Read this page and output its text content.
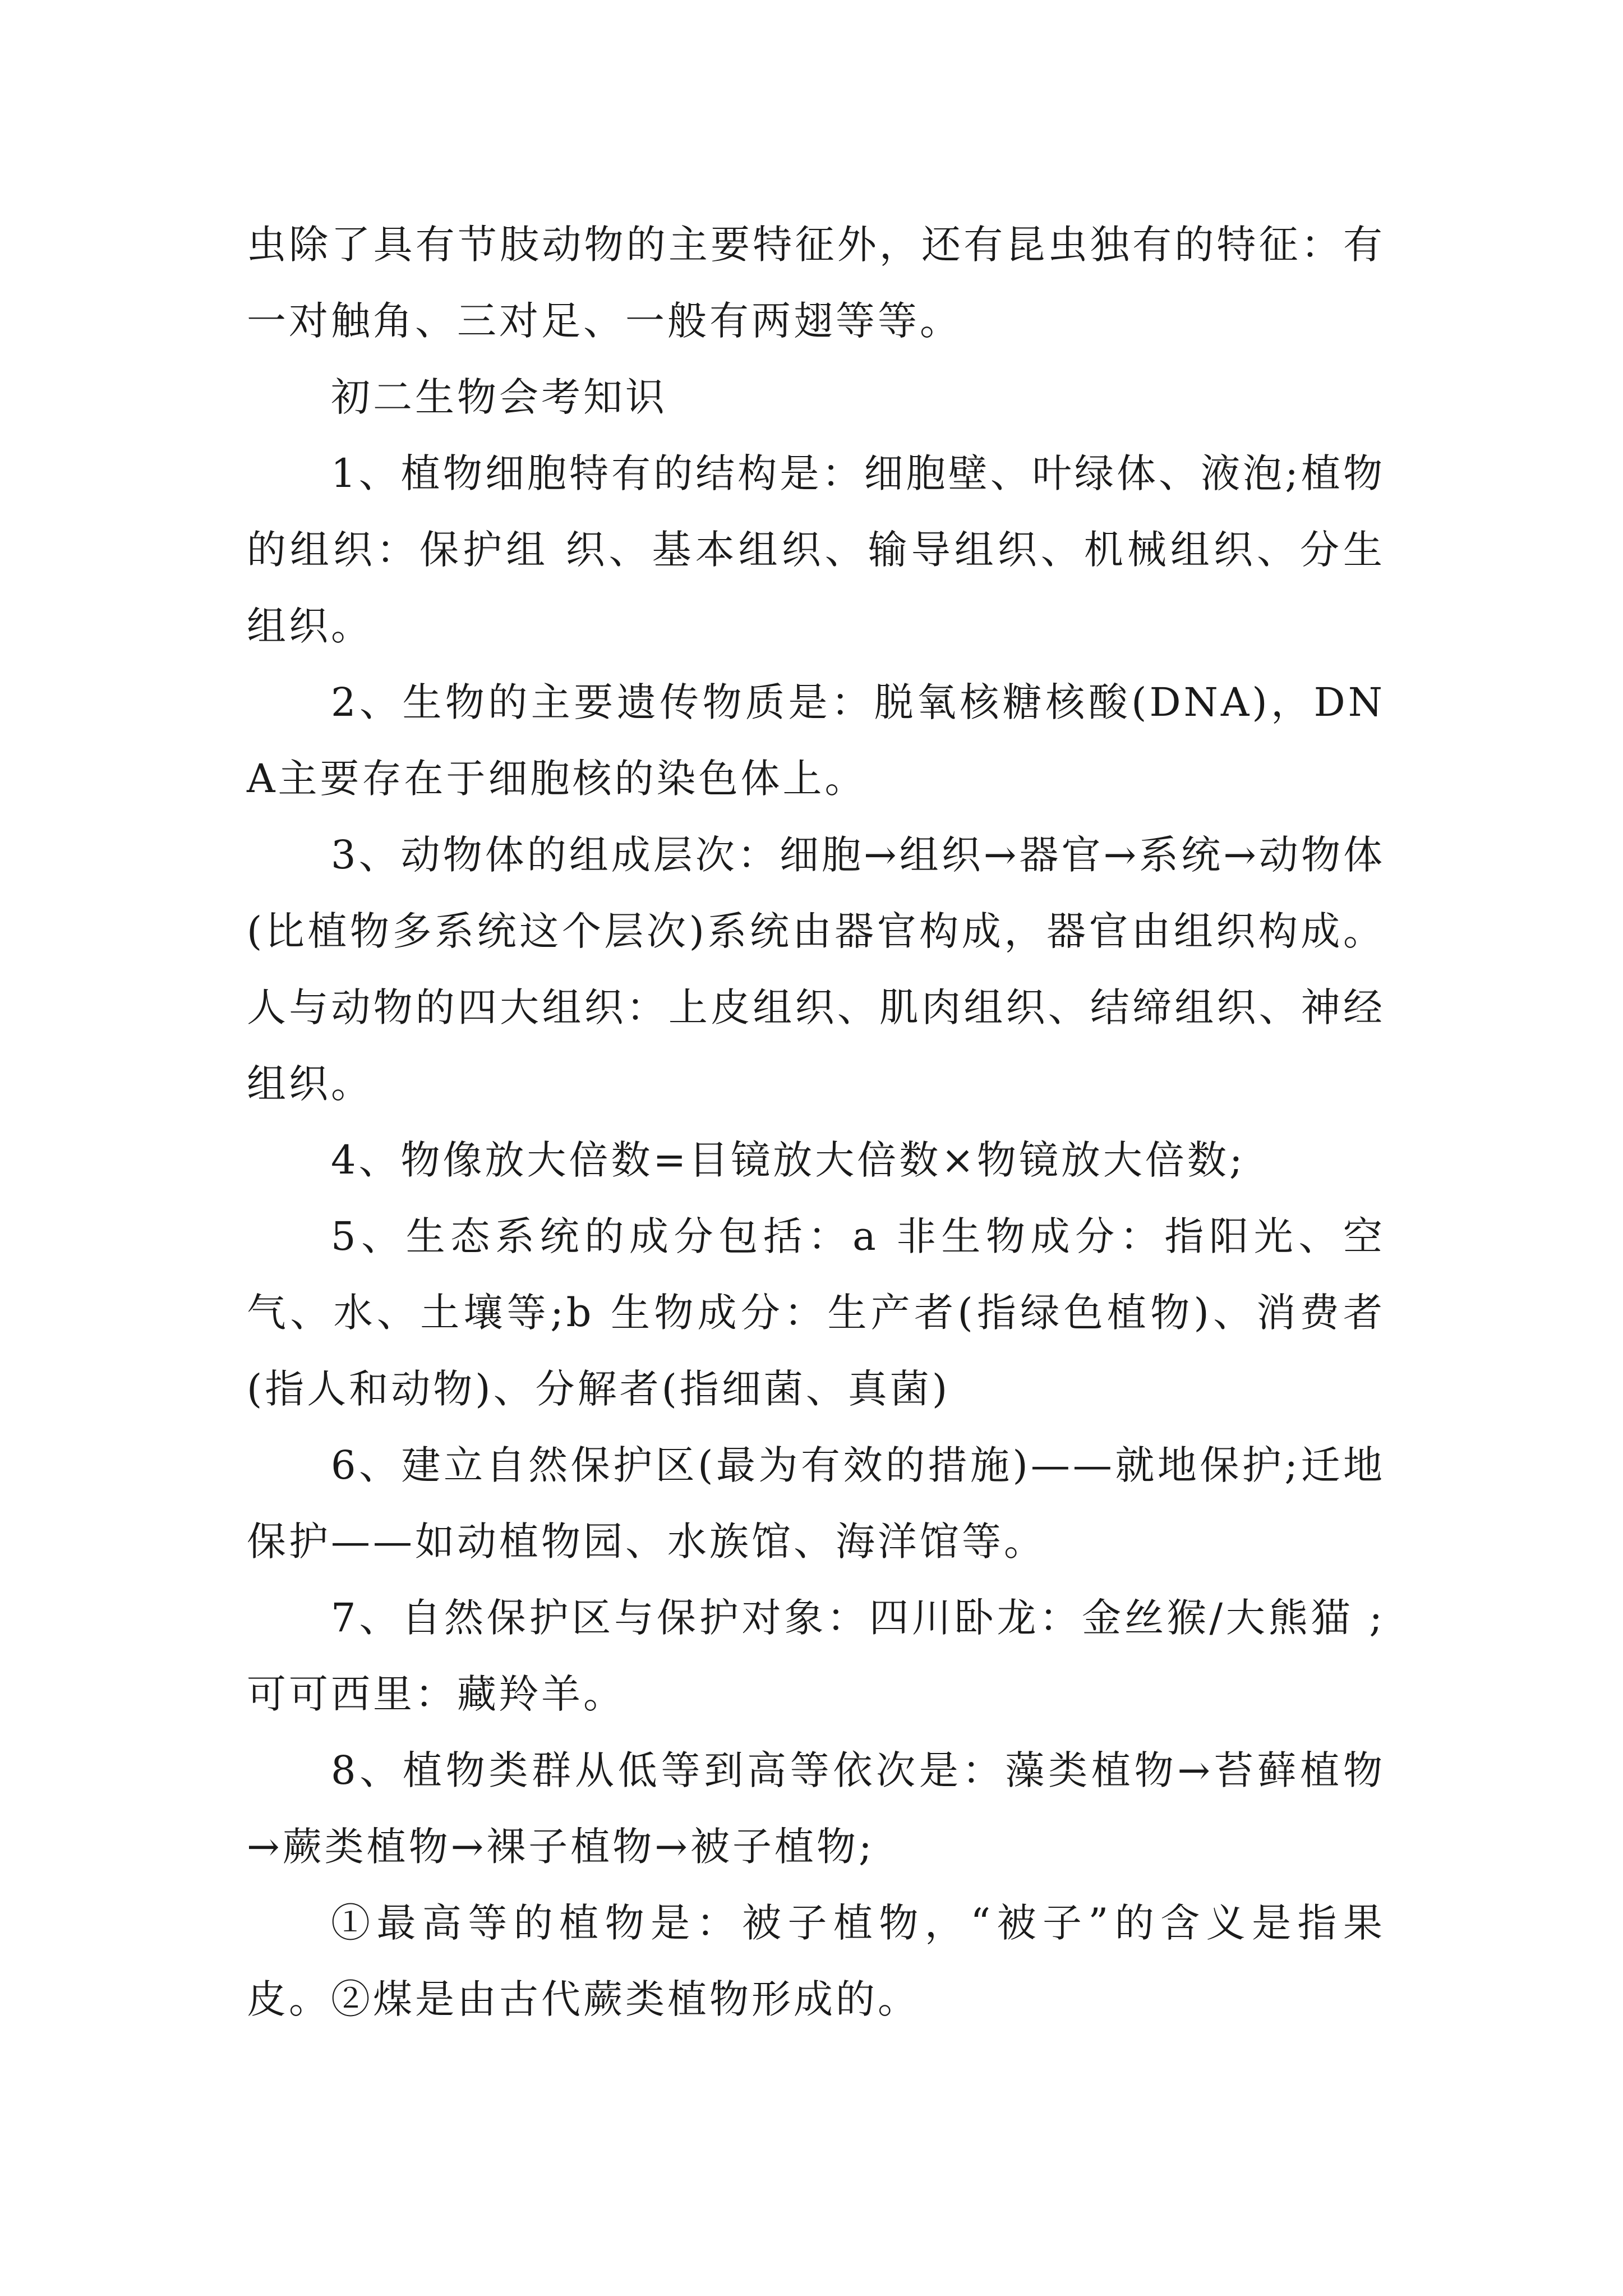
虫除了具有节肢动物的主要特征外，还有昆虫独有的特征：有一对触角、三对足、一般有两翅等等。

初二生物会考知识

1、植物细胞特有的结构是：细胞壁、叶绿体、液泡;植物的组织：保护组 织、基本组织、输导组织、机械组织、分生组织。

2、生物的主要遗传物质是：脱氧核糖核酸(DNA)，DNA主要存在于细胞核的染色体上。

3、动物体的组成层次：细胞→组织→器官→系统→动物体(比植物多系统这个层次)系统由器官构成，器官由组织构成。人与动物的四大组织：上皮组织、肌肉组织、结缔组织、神经组织。

4、物像放大倍数=目镜放大倍数×物镜放大倍数;

5、生态系统的成分包括：a 非生物成分：指阳光、空气、水、土壤等;b 生物成分：生产者(指绿色植物)、消费者(指人和动物)、分解者(指细菌、真菌)

6、建立自然保护区(最为有效的措施)——就地保护;迁地保护——如动植物园、水族馆、海洋馆等。

7、自然保护区与保护对象：四川卧龙：金丝猴/大熊猫 ;可可西里：藏羚羊。

8、植物类群从低等到高等依次是：藻类植物→苔藓植物→蕨类植物→裸子植物→被子植物;

①最高等的植物是：被子植物，“被子”的含义是指果皮。②煤是由古代蕨类植物形成的。
